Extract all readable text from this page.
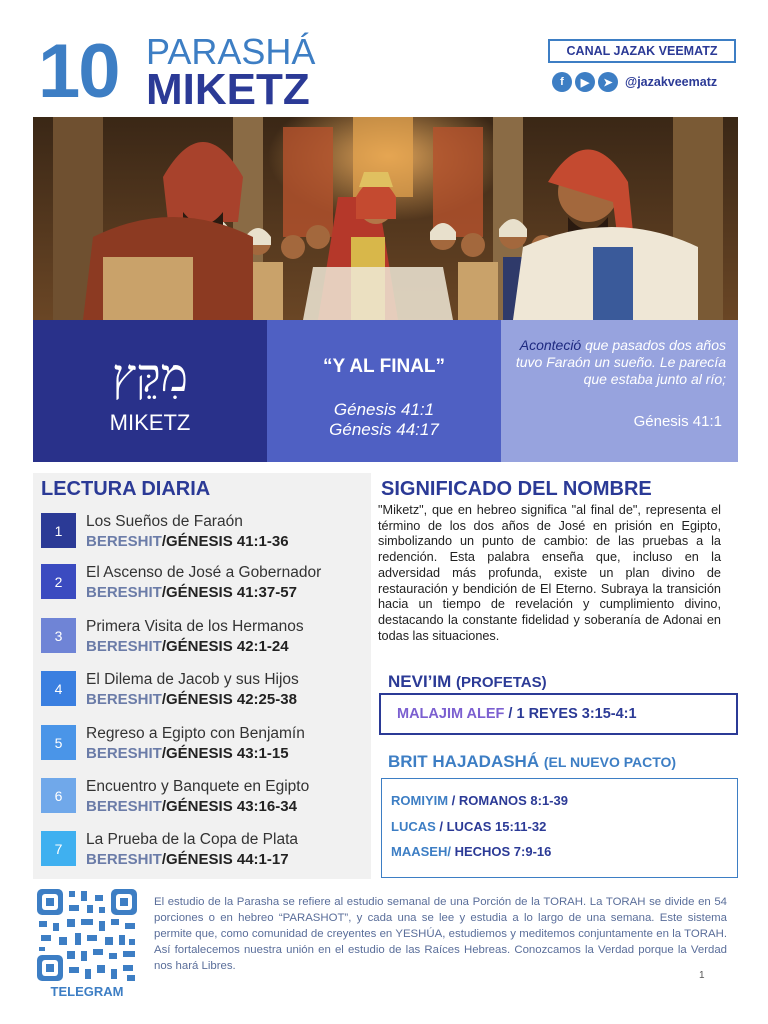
10 PARASHÁ
MIKETZ
CANAL JAZAK VEEMATZ
f	▶	➤ @jazakveematz
מִקֵּץ
MIKETZ
“Y AL FINAL”
Génesis 41:1
Génesis 44:17
Aconteció que pasados dos años tuvo Faraón un sueño. Le parecía que estaba junto al río;
Génesis 41:1
LECTURA DIARIA
1
Los Sueños de Faraón
BERESHIT/GÉNESIS 41:1-36
2
El Ascenso de José a Gobernador
BERESHIT/GÉNESIS 41:37-57
3
Primera Visita de los Hermanos
BERESHIT/GÉNESIS 42:1-24
4
El Dilema de Jacob y sus Hijos
BERESHIT/GÉNESIS 42:25-38
5
Regreso a Egipto con Benjamín
BERESHIT/GÉNESIS 43:1-15
6
Encuentro y Banquete en Egipto
BERESHIT/GÉNESIS 43:16-34
7
La Prueba de la Copa de Plata
BERESHIT/GÉNESIS 44:1-17
SIGNIFICADO DEL NOMBRE
"Miketz", que en hebreo significa "al final de", representa el término de los dos años de José en prisión en Egipto, simbolizando un punto de cambio: de las pruebas a la redención. Esta palabra enseña que, incluso en la adversidad más profunda, existe un plan divino de restauración y bendición de El Eterno. Subraya la transición hacia un tiempo de revelación y cumplimiento divino, destacando la constante fidelidad y soberanía de Adonai en todas las situaciones.
NEVI’IM (PROFETAS)
MALAJIM ALEF / 1 REYES 3:15-4:1
BRIT HAJADASHÁ (EL NUEVO PACTO)
ROMIYIM / ROMANOS 8:1-39
LUCAS / LUCAS 15:11-32
MAASEH/ HECHOS 7:9-16
TELEGRAM
El estudio de la Parasha se refiere al estudio semanal de una Porción de la TORAH. La TORAH se divide en 54 porciones o en hebreo “PARASHOT”, y cada una se lee y estudia a lo largo de una semana. Este sistema permite que, como comunidad de creyentes en YESHÚA, estudiemos y meditemos conjuntamente en la TORAH. Así fortalecemos nuestra unión en el estudio de las Raíces Hebreas. Conozcamos la Verdad porque la Verdad nos hará Libres.
1
